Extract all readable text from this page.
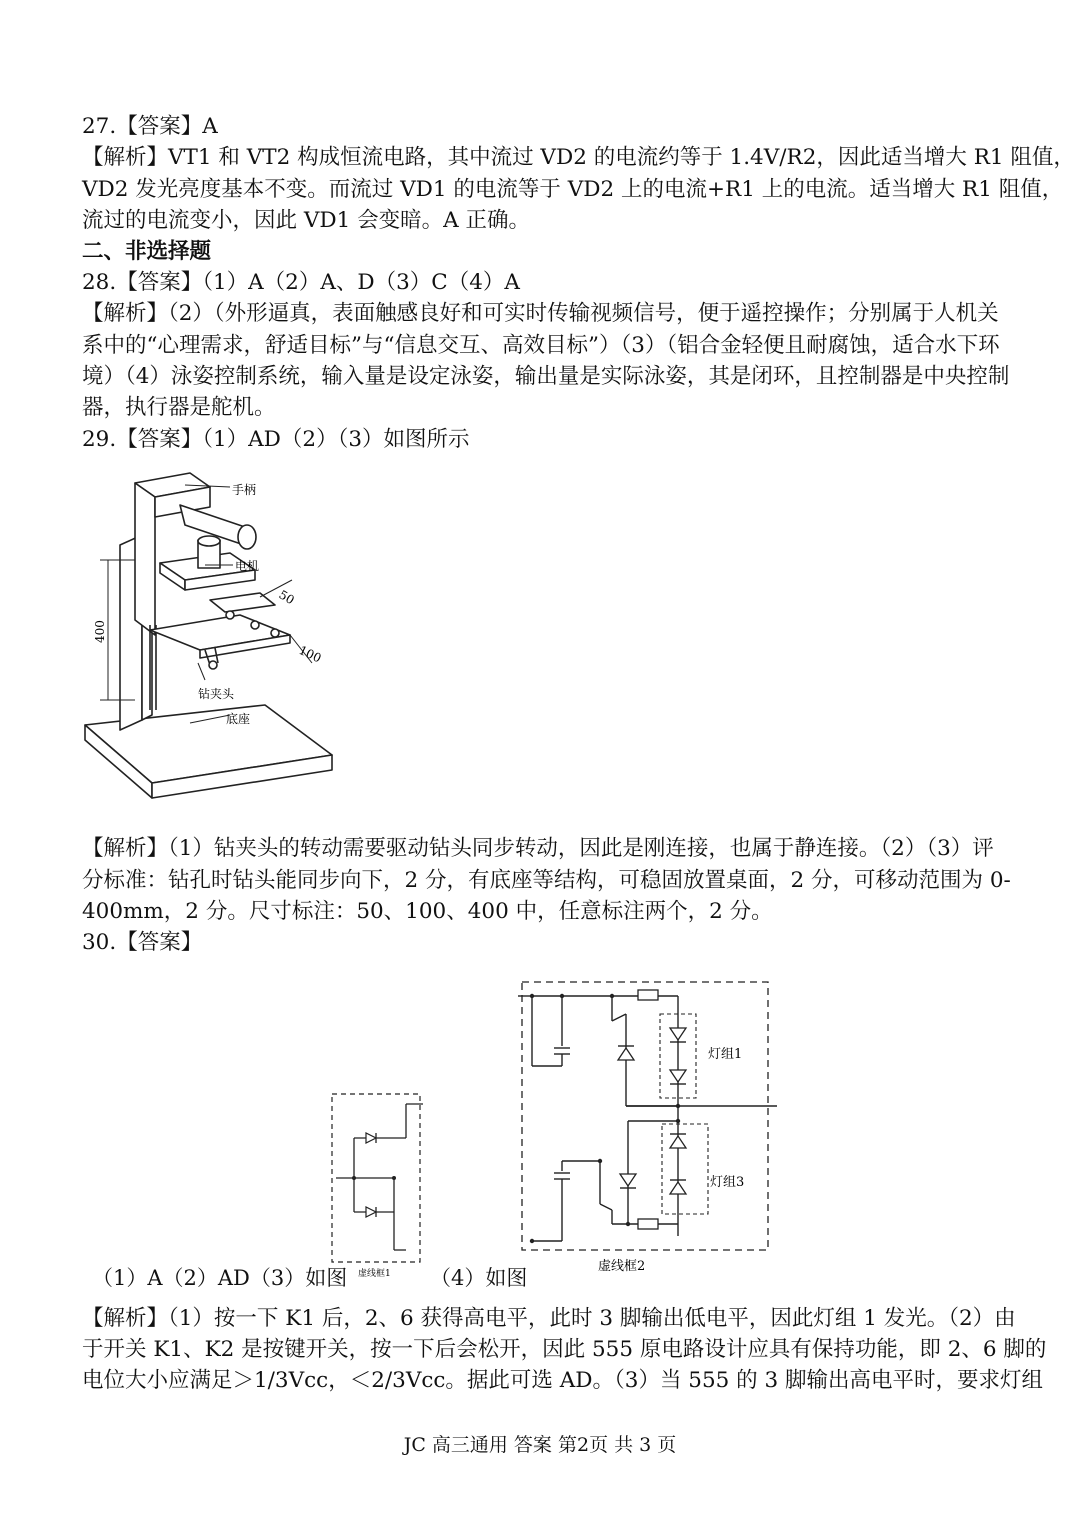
27.【答案】A
【解析】VT1 和 VT2 构成恒流电路，其中流过 VD2 的电流约等于 1.4V/R2，因此适当增大 R1 阻值，
VD2 发光亮度基本不变。而流过 VD1 的电流等于 VD2 上的电流+R1 上的电流。适当增大 R1 阻值，
流过的电流变小，因此 VD1 会变暗。A 正确。
二、非选择题
28.【答案】（1）A（2）A、D（3）C（4）A
【解析】（2）（外形逼真，表面触感良好和可实时传输视频信号，便于遥控操作；分别属于人机关
系中的“心理需求，舒适目标”与“信息交互、高效目标”）（3）（铝合金轻便且耐腐蚀，适合水下环
境）（4）泳姿控制系统，输入量是设定泳姿，输出量是实际泳姿，其是闭环，且控制器是中央控制
器，执行器是舵机。
29.【答案】（1）AD（2）（3）如图所示
手柄
电机
50
100
400
钻夹头
底座
【解析】（1）钻夹头的转动需要驱动钻头同步转动，因此是刚连接，也属于静连接。（2）（3）评
分标准：钻孔时钻头能同步向下，2 分，有底座等结构，可稳固放置桌面，2 分，可移动范围为 0-
400mm，2 分。尺寸标注：50、100、400 中，任意标注两个，2 分。
30.【答案】
虚线框1
灯组1
灯组3
虚线框2
（1）A（2）AD（3）如图	（4）如图
【解析】（1）按一下 K1 后，2、6 获得高电平，此时 3 脚输出低电平，因此灯组 1 发光。（2）由
于开关 K1、K2 是按键开关，按一下后会松开，因此 555 原电路设计应具有保持功能，即 2、6 脚的
电位大小应满足＞1/3Vcc，＜2/3Vcc。据此可选 AD。（3）当 555 的 3 脚输出高电平时，要求灯组
JC 高三通用 答案 第2页 共 3 页
